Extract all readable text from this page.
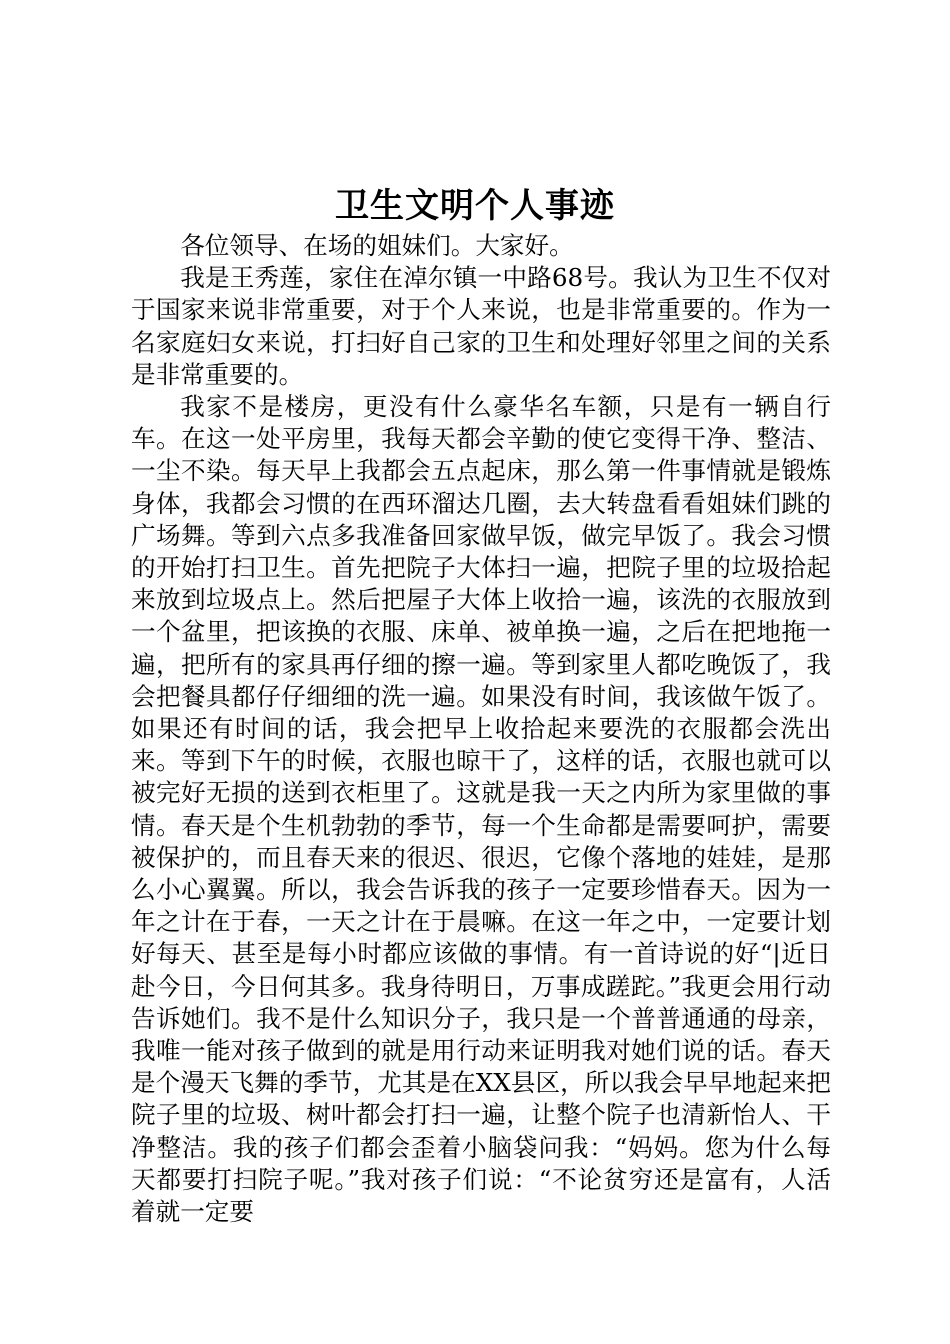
卫生文明个人事迹

各位领导、在场的姐妹们。大家好。

我是王秀莲，家住在淖尔镇一中路68号。我认为卫生不仅对于国家来说非常重要，对于个人来说，也是非常重要的。作为一名家庭妇女来说，打扫好自己家的卫生和处理好邻里之间的关系是非常重要的。

我家不是楼房，更没有什么豪华名车额，只是有一辆自行车。在这一处平房里，我每天都会辛勤的使它变得干净、整洁、一尘不染。每天早上我都会五点起床，那么第一件事情就是锻炼身体，我都会习惯的在西环溜达几圈，去大转盘看看姐妹们跳的广场舞。等到六点多我准备回家做早饭，做完早饭了。我会习惯的开始打扫卫生。首先把院子大体扫一遍，把院子里的垃圾拾起来放到垃圾点上。然后把屋子大体上收拾一遍，该洗的衣服放到一个盆里，把该换的衣服、床单、被单换一遍，之后在把地拖一遍，把所有的家具再仔细的擦一遍。等到家里人都吃晚饭了，我会把餐具都仔仔细细的洗一遍。如果没有时间，我该做午饭了。如果还有时间的话，我会把早上收拾起来要洗的衣服都会洗出来。等到下午的时候，衣服也晾干了，这样的话，衣服也就可以被完好无损的送到衣柜里了。这就是我一天之内所为家里做的事情。春天是个生机勃勃的季节，每一个生命都是需要呵护，需要被保护的，而且春天来的很迟、很迟，它像个落地的娃娃，是那么小心翼翼。所以，我会告诉我的孩子一定要珍惜春天。因为一年之计在于春，一天之计在于晨嘛。在这一年之中，一定要计划好每天、甚至是每小时都应该做的事情。有一首诗说的好“|近日赴今日，今日何其多。我身待明日，万事成蹉跎。”我更会用行动告诉她们。我不是什么知识分子，我只是一个普普通通的母亲，我唯一能对孩子做到的就是用行动来证明我对她们说的话。春天是个漫天飞舞的季节，尤其是在XX县区，所以我会早早地起来把院子里的垃圾、树叶都会打扫一遍，让整个院子也清新怡人、干净整洁。我的孩子们都会歪着小脑袋问我：“妈妈。您为什么每天都要打扫院子呢。”我对孩子们说：“不论贫穷还是富有，人活着就一定要
